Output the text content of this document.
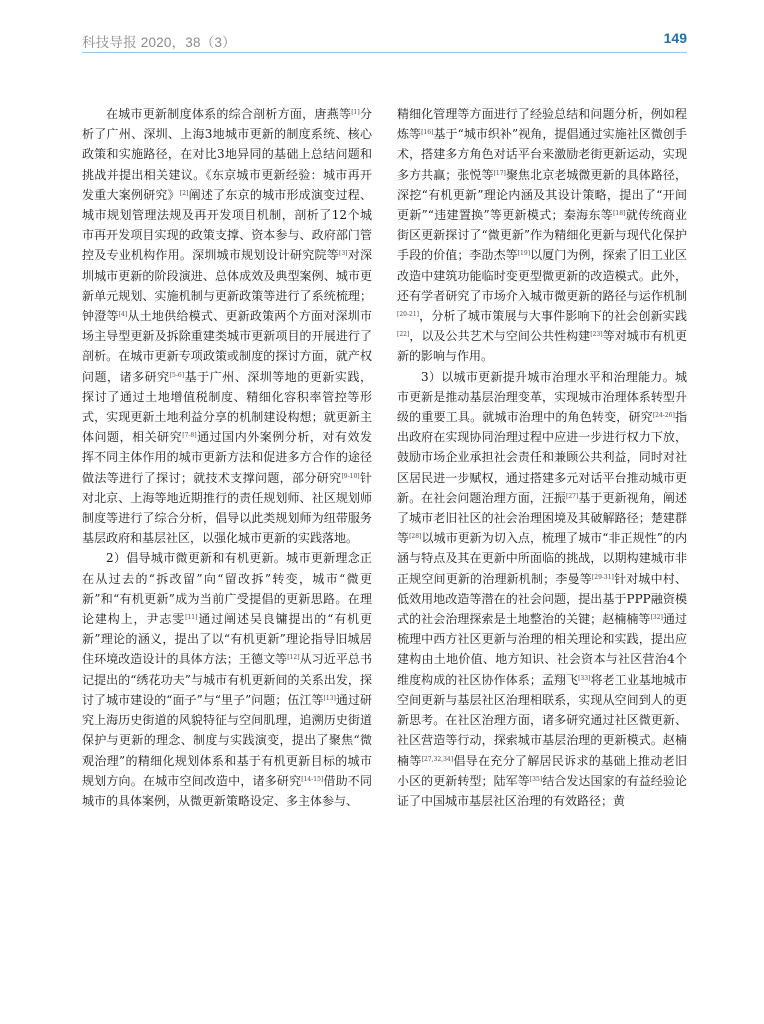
科技导报 2020，38（3）	149

在城市更新制度体系的综合剖析方面，唐燕等[1]分析了广州、深圳、上海3地城市更新的制度系统、核心政策和实施路径，在对比3地异同的基础上总结问题和挑战并提出相关建议。《东京城市更新经验：城市再开发重大案例研究》[2]阐述了东京的城市形成演变过程、城市规划管理法规及再开发项目机制，剖析了12个城市再开发项目实现的政策支撑、资本参与、政府部门管控及专业机构作用。深圳城市规划设计研究院等[3]对深圳城市更新的阶段演进、总体成效及典型案例、城市更新单元规划、实施机制与更新政策等进行了系统梳理；钟澄等[4]从土地供给模式、更新政策两个方面对深圳市场主导型更新及拆除重建类城市更新项目的开展进行了剖析。在城市更新专项政策或制度的探讨方面，就产权问题，诸多研究[5-6]基于广州、深圳等地的更新实践，探讨了通过土地增值税制度、精细化容积率管控等形式，实现更新土地利益分享的机制建设构想；就更新主体问题，相关研究[7-8]通过国内外案例分析，对有效发挥不同主体作用的城市更新方法和促进多方合作的途径做法等进行了探讨；就技术支撑问题，部分研究[9-10]针对北京、上海等地近期推行的责任规划师、社区规划师制度等进行了综合分析，倡导以此类规划师为纽带服务基层政府和基层社区，以强化城市更新的实践落地。

2）倡导城市微更新和有机更新。城市更新理念正在从过去的“拆改留”向“留改拆”转变，城市“微更新”和“有机更新”成为当前广受提倡的更新思路。在理论建构上，尹志雯[11]通过阐述吴良镛提出的“有机更新”理论的涵义，提出了以“有机更新”理论指导旧城居住环境改造设计的具体方法；王德文等[12]从习近平总书记提出的“绣花功夫”与城市有机更新间的关系出发，探讨了城市建设的“面子”与“里子”问题；伍江等[13]通过研究上海历史街道的风貌特征与空间肌理，追溯历史街道保护与更新的理念、制度与实践演变，提出了聚焦“微观治理”的精细化规划体系和基于有机更新目标的城市规划方向。在城市空间改造中，诸多研究[14-15]借助不同城市的具体案例，从微更新策略设定、多主体参与、

精细化管理等方面进行了经验总结和问题分析，例如程炼等[16]基于“城市织补”视角，提倡通过实施社区微创手术，搭建多方角色对话平台来激励老街更新运动，实现多方共赢；张悦等[17]聚焦北京老城微更新的具体路径，深挖“有机更新”理论内涵及其设计策略，提出了“开间更新”“违建置换”等更新模式；秦海东等[18]就传统商业街区更新探讨了“微更新”作为精细化更新与现代化保护手段的价值；李劭杰等[19]以厦门为例，探索了旧工业区改造中建筑功能临时变更型微更新的改造模式。此外，还有学者研究了市场介入城市微更新的路径与运作机制[20-21]，分析了城市策展与大事件影响下的社会创新实践[22]，以及公共艺术与空间公共性构建[23]等对城市有机更新的影响与作用。

3）以城市更新提升城市治理水平和治理能力。城市更新是推动基层治理变革，实现城市治理体系转型升级的重要工具。就城市治理中的角色转变，研究[24-26]指出政府在实现协同治理过程中应进一步进行权力下放，鼓励市场企业承担社会责任和兼顾公共利益，同时对社区居民进一步赋权，通过搭建多元对话平台推动城市更新。在社会问题治理方面，汪振[27]基于更新视角，阐述了城市老旧社区的社会治理困境及其破解路径；楚建群等[28]以城市更新为切入点，梳理了城市“非正规性”的内涵与特点及其在更新中所面临的挑战，以期构建城市非正规空间更新的治理新机制；李曼等[29-31]针对城中村、低效用地改造等潜在的社会问题，提出基于PPP融资模式的社会治理探索是土地整治的关键；赵楠楠等[32]通过梳理中西方社区更新与治理的相关理论和实践，提出应建构由土地价值、地方知识、社会资本与社区营治4个维度构成的社区协作体系；孟翔飞[33]将老工业基地城市空间更新与基层社区治理相联系，实现从空间到人的更新思考。在社区治理方面，诸多研究通过社区微更新、社区营造等行动，探索城市基层治理的更新模式。赵楠楠等[27,32,34]倡导在充分了解居民诉求的基础上推动老旧小区的更新转型；陆军等[35]结合发达国家的有益经验论证了中国城市基层社区治理的有效路径；黄
